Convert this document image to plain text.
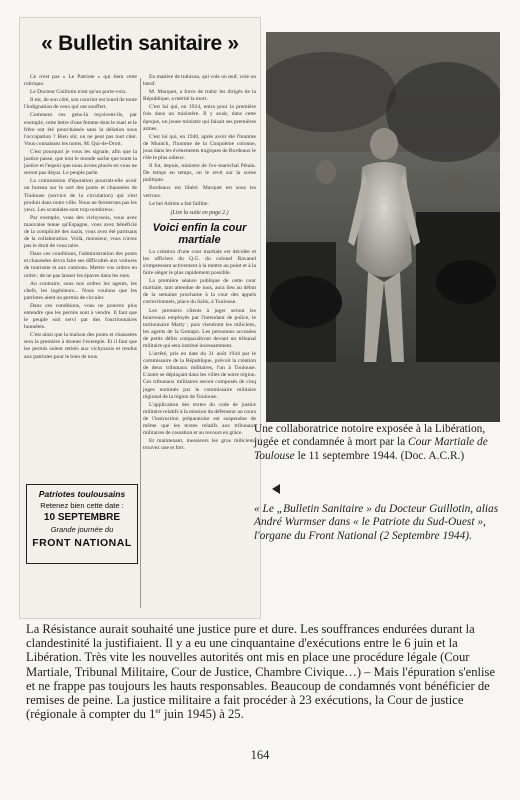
« Bulletin sanitaire »

Ce n'est pas « Le Patriote » qui tient cette rubrique.

Le Docteur Guillotin n'est qu'un porte-voix.

Il est, de son côté, son courrier est lourd de toute l'indignation de ceux qui ont souffert.

Comment ces gens-là reçoivent-ils, par exemple, cette lettre d'une femme dont le mari et le frère ont été pourchassés sans la délation sous l'occupation ? Bien sûr, on ne peut pas tout citer. Vous connaissez les noms, M. Qui-de-Droit.

C'est pourquoi je vous les signale, afin que la justice passe, que tout le monde sache que toute la justice et l'espoir que nous avons placés en vous ne seront pas déçus. Le peuple parle.

La commission d'épuration pourrait-elle avoir un bureau sur le sort des ponts et chaussées de Toulouse (service de la circulation) qui s'est produit dans notre ville. Nous ne fermerons pas les yeux. Les scandales sont trop nombreux.

Par exemple, vous des vichyssois, vous avez mauvaise tenue qu'Espagne, vous avez bénéficié de la complicité des nazis, vous avez été partisans de la collaboration. Voilà, monsieur, vous n'avez pas le droit de vous taire.

Dans ces conditions, l'administration des ponts et chaussées devra faire ses difficultés aux voitures de tourisme et aux camions. Mettre vos ordres en ordre ; de ne pas laisser les épaves dans les rues.

Au contraire, sous nos ordres les agents, les chefs, les ingénieurs... Nous voulons que les patriotes aient un permis de circuler.

Dans ces conditions, vous ne pourrez plus entendre que les permis sont à vendre. Il faut que le peuple soit servi par des fonctionnaires honnêtes.

C'est ainsi que la maison des ponts et chaussées sera la première à donner l'exemple. Et il faut que les permis soient retirés aux vichyssois et rendus aux patriotes pour le bien de tous.

En matière de trahison, qui vole un œuf, vole un bœuf.

M. Marquet, a force de trahir les dirigés de la République, a mérité la mort.

C'est lui qui, en 1924, entra pour la première fois dans un ministère. Il y avait, dans cette époque, un jeune ministre qui faisait ses premières armes.

C'est lui qui, en 1940, après avoir été l'homme de Munich, l'homme de la Cinquième colonne, joua dans les événements tragiques de Bordeaux le rôle le plus odieux.

Il fut, depuis, ministre de l'ex-maréchal Pétain. De temps en temps, on le revit sur la scène politique.

Bordeaux est libéré. Marquet est sous les verrous.

Le bel Adrien a fait faillite.

(Lire la suite en page 2.)
Voici enfin la cour martiale

La création d'une cour martiale est décidée et les officiers du Q.G. du colonel Ravanel s'empressent activement à la mettre au point et à la faire siéger le plus rapidement possible.

La première séance publique de cette cour martiale, tant attendue de tous, aura lieu au début de la semaine prochaine à la cour des appels correctionnels, place du Salin, à Toulouse.

Les premiers clients à juger seront les bourreaux employés par l'intendant de police, le tortionnaire Marty ; puis viendront les miliciens, les agents de la Gestapo. Les personnes accusées de petits délits comparaîtront devant un tribunal militaire qui sera institué incessamment.

L'arrêté, pris en date du 31 août 1944 par le commissaire de la République, prévoit la création de deux tribunaux militaires, l'un à Toulouse. L'autre se déplaçant dans les villes de notre région. Ces tribunaux militaires seront composés de cinq juges nommés par le commissaire militaire régional de la région de Toulouse.

L'application des textes du code de justice militaire relatifs à la mission du défenseur au cours de l'instruction préparatoire est suspendue de même que les textes relatifs aux tribunaux militaires de cassation et au recours en grâce.

Et maintenant, messieurs les gros miliciens, trouvez une et fort.

Patriotes toulousains
Retenez bien cette date :
10 SEPTEMBRE
Grande journée du
FRONT NATIONAL
Une collaboratrice notoire exposée à la Libération, jugée et condamnée à mort par la Cour Martiale de Toulouse le 11 septembre 1944. (Doc. A.C.R.)
« Le „Bulletin Sanitaire » du Docteur Guillotin, alias André Wurmser dans « le Patriote du Sud-Ouest », l'organe du Front National (2 Septembre 1944).

La Résistance aurait souhaité une justice pure et dure. Les souffrances endurées durant la clandestinité la justifiaient. Il y a eu une cinquantaine d'exécutions entre le 6 juin et la Libération. Très vite les nouvelles autorités ont mis en place une procédure légale (Cour Martiale, Tribunal Militaire, Cour de Justice, Chambre Civique…) – Mais l'épuration s'enlise et ne frappe pas toujours les hauts responsables. Beaucoup de condamnés vont bénéficier de remises de peine. La justice militaire a fait procéder à 23 exécutions, la Cour de justice (régionale à compter du 1er juin 1945) à 25.

164
